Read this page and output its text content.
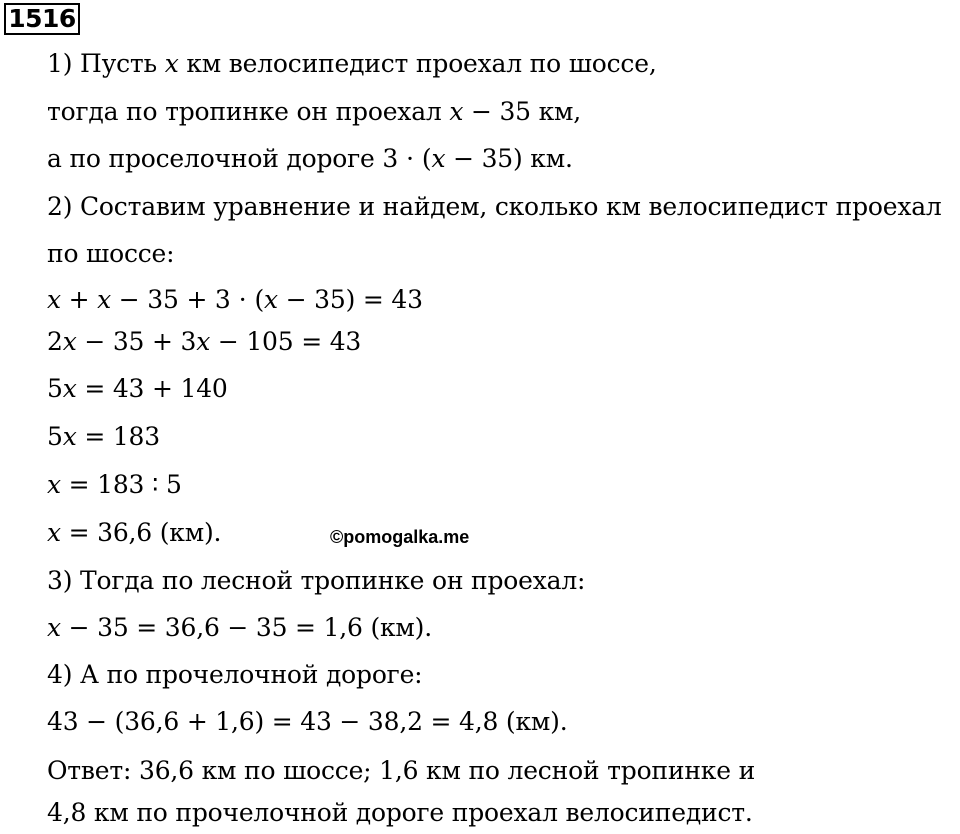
1516
1) Пусть 𝑥 км велосипедист проехал по шоссе,
тогда по тропинке он проехал 𝑥 − 35 км,
а по проселочной дороге 3 ⋅ (𝑥 − 35) км.
2) Составим уравнение и найдем, сколько км велосипедист проехал
по шоссе:
𝑥 + 𝑥 − 35 + 3 ⋅ (𝑥 − 35) = 43
2𝑥 − 35 + 3𝑥 − 105 = 43
5𝑥 = 43 + 140
5𝑥 = 183
𝑥 = 183 ∶ 5
𝑥 = 36,6 (км).
3) Тогда по лесной тропинке он проехал:
𝑥 − 35 = 36,6 − 35 = 1,6 (км).
4) А по прочелочной дороге:
43 − (36,6 + 1,6) = 43 − 38,2 = 4,8 (км).
Ответ: 36,6 км по шоссе; 1,6 км по лесной тропинке и
4,8 км по прочелочной дороге проехал велосипедист.
©pomogalka.me
